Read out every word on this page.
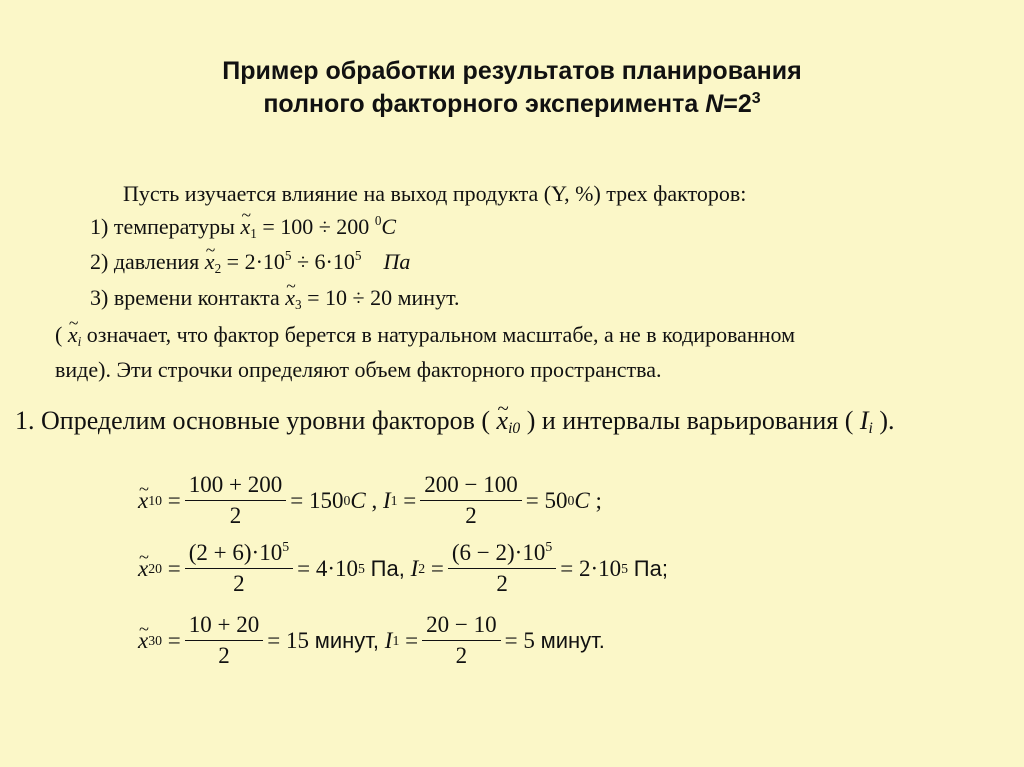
Пример обработки результатов планирования
полного факторного эксперимента $N=2^3$
Пусть изучается влияние на выход продукта (Y, %) трех факторов:
1) температуры ~ $x_1 = 100 \div 200$ $^0$C
2) давления ~ $x_2 = 2\cdot 10^5 \div 6\cdot 10^5$ Па
3) времени контакта ~ $x_3 = 10 \div 20$ минут.
( ~ $x_i$ означает, что фактор берется в натуральном масштабе, а не в кодированном
виде). Эти строчки определяют объем факторного пространства.
1. Определим основные уровни факторов ( ~ $x_{i0}$ ) и интервалы варьирования ( $I_i$ ).
~ x $10 = \frac{100 + 200}{2} = 150$ 0 C , I $1 = \frac{200 - 100}{2} = 50$ 0 C
;
~ x $20 = \frac{(2 + 6)\cdot 10^5}{2} = 4\cdot 10$ 5
Па,
I $2 = \frac{(6 - 2)\cdot 10^5}{2} = 2\cdot 10$ 5
Па;
~ x $30 = \frac{10 + 20}{2} = 15$
минут,
I $1 = \frac{20 - 10}{2} = 5$
минут.
